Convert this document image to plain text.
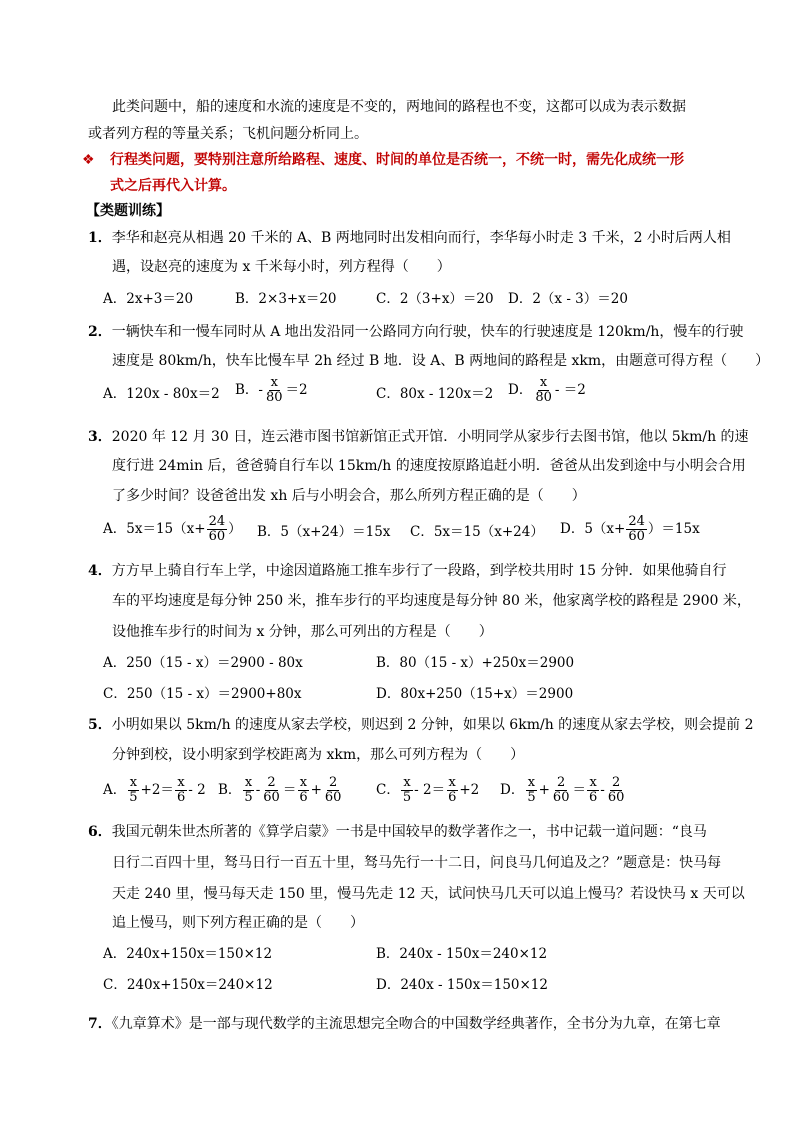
此类问题中，船的速度和水流的速度是不变的，两地间的路程也不变，这都可以成为表示数据
或者列方程的等量关系；飞机问题分析同上。
❖ 行程类问题，要特别注意所给路程、速度、时间的单位是否统一，不统一时，需先化成统一形
式之后再代入计算。
【类题训练】
1．李华和赵亮从相遇 20 千米的 A、B 两地同时出发相向而行，李华每小时走 3 千米，2 小时后两人相
遇，设赵亮的速度为 x 千米每小时，列方程得（　　）
A．2x+3＝20	B．2×3+x＝20	C．2（3+x）＝20 D．2（x - 3）＝20
2．一辆快车和一慢车同时从 A 地出发沿同一公路同方向行驶，快车的行驶速度是 120km/h，慢车的行驶
速度是 80km/h，快车比慢车早 2h 经过 B 地．设 A、B 两地间的路程是 xkm，由题意可得方程（　　）
A．120x - 80x＝2 B．- $\frac{x}{80} =2$	C．80x - 120x＝2 D． $\frac{x}{80} - =2$
3．2020 年 12 月 30 日，连云港市图书馆新馆正式开馆．小明同学从家步行去图书馆，他以 5km/h 的速
度行进 24min 后，爸爸骑自行车以 15km/h 的速度按原路追赶小明．爸爸从出发到途中与小明会合用
了多少时间？设爸爸出发 xh 后与小明会合，那么所列方程正确的是（　　）
A．$5x=15(x+ \frac{24}{60}$ ） B．5（x+24）＝15x C．5x＝15（x+24） D．$5(x+ \frac{24}{60} )=15x$
4．方方早上骑自行车上学，中途因道路施工推车步行了一段路，到学校共用时 15 分钟．如果他骑自行
车的平均速度是每分钟 250 米，推车步行的平均速度是每分钟 80 米，他家离学校的路程是 2900 米，
设他推车步行的时间为 x 分钟，那么可列出的方程是（　　）
A．250（15 - x）＝2900 - 80x	B．80（15 - x）+250x＝2900
C．250（15 - x）＝2900+80x	D．80x+250（15+x）＝2900
5．小明如果以 5km/h 的速度从家去学校，则迟到 2 分钟，如果以 6km/h 的速度从家去学校，则会提前 2
分钟到校，设小明家到学校距离为 xkm，那么可列方程为（　　）
A． $\frac{x}{5} +2= \frac{x}{6} - 2$ B． $\frac{x}{5} - \frac{2}{60} = \frac{x}{6} + \frac{2}{60}$ C． $\frac{x}{5} - 2= \frac{x}{6} +2$ D． $\frac{x}{5} + \frac{2}{60} = \frac{x}{6} - \frac{2}{60}$
6．我国元朝朱世杰所著的《算学启蒙》一书是中国较早的数学著作之一，书中记载一道问题：“良马
日行二百四十里，驽马日行一百五十里，驽马先行一十二日，问良马几何追及之？”题意是：快马每
天走 240 里，慢马每天走 150 里，慢马先走 12 天，试问快马几天可以追上慢马？若设快马 x 天可以
追上慢马，则下列方程正确的是（　　）
A．240x+150x＝150×12	B．240x - 150x＝240×12
C．240x+150x＝240×12	D．240x - 150x＝150×12
7．《九章算术》是一部与现代数学的主流思想完全吻合的中国数学经典著作，全书分为九章，在第七章
